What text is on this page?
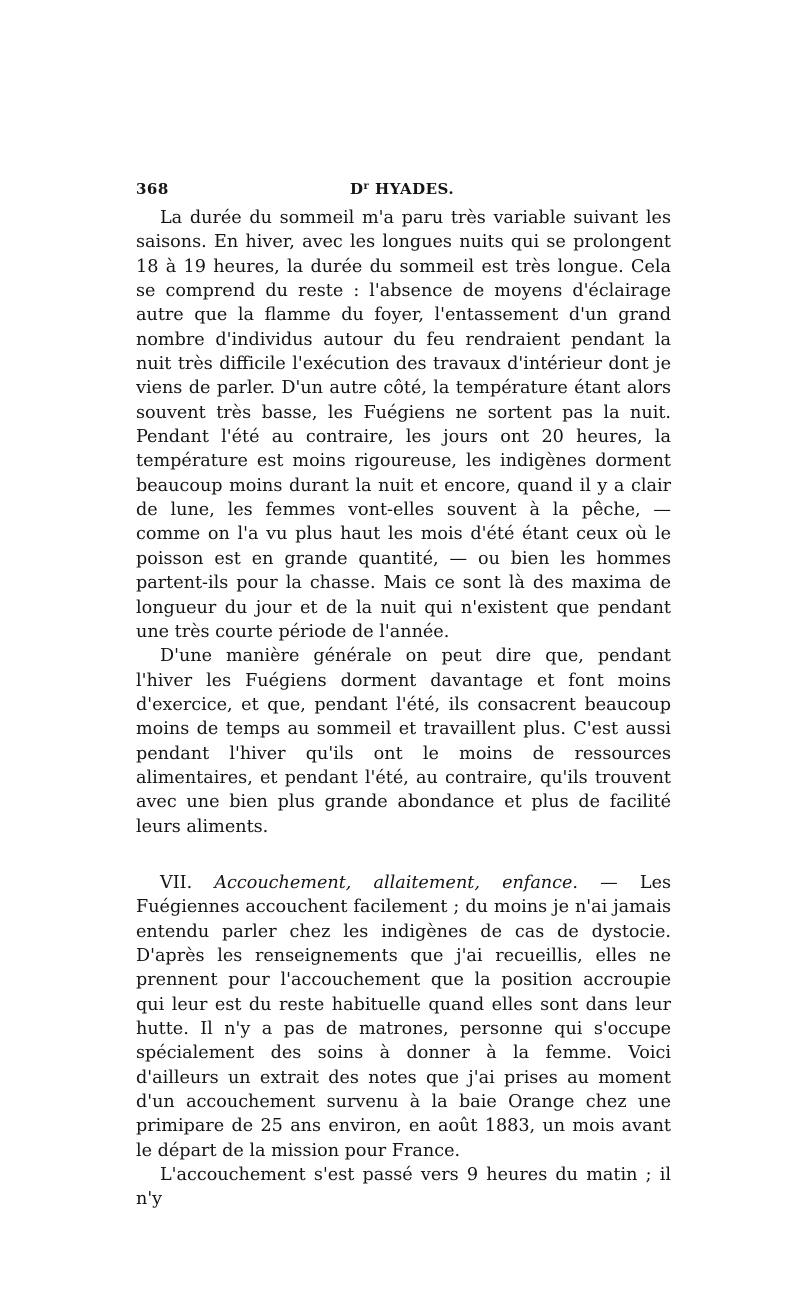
368	$D^r$ HYADES.

La durée du sommeil m'a paru très variable suivant les saisons. En hiver, avec les longues nuits qui se prolongent 18 à 19 heures, la durée du sommeil est très longue. Cela se comprend du reste : l'absence de moyens d'éclairage autre que la flamme du foyer, l'entassement d'un grand nombre d'individus autour du feu rendraient pendant la nuit très difficile l'exécution des travaux d'intérieur dont je viens de parler. D'un autre côté, la température étant alors souvent très basse, les Fuégiens ne sortent pas la nuit. Pendant l'été au contraire, les jours ont 20 heures, la température est moins rigoureuse, les indigènes dorment beaucoup moins durant la nuit et encore, quand il y a clair de lune, les femmes vont-elles souvent à la pêche, — comme on l'a vu plus haut les mois d'été étant ceux où le poisson est en grande quantité, — ou bien les hommes partent-ils pour la chasse. Mais ce sont là des maxima de longueur du jour et de la nuit qui n'existent que pendant une très courte période de l'année.

D'une manière générale on peut dire que, pendant l'hiver les Fuégiens dorment davantage et font moins d'exercice, et que, pendant l'été, ils consacrent beaucoup moins de temps au sommeil et travaillent plus. C'est aussi pendant l'hiver qu'ils ont le moins de ressources alimentaires, et pendant l'été, au contraire, qu'ils trouvent avec une bien plus grande abondance et plus de facilité leurs aliments.

VII. Accouchement, allaitement, enfance. — Les Fuégiennes accouchent facilement ; du moins je n'ai jamais entendu parler chez les indigènes de cas de dystocie. D'après les renseignements que j'ai recueillis, elles ne prennent pour l'accouchement que la position accroupie qui leur est du reste habituelle quand elles sont dans leur hutte. Il n'y a pas de matrones, personne qui s'occupe spécialement des soins à donner à la femme. Voici d'ailleurs un extrait des notes que j'ai prises au moment d'un accouchement survenu à la baie Orange chez une primipare de 25 ans environ, en août 1883, un mois avant le départ de la mission pour France.

L'accouchement s'est passé vers 9 heures du matin ; il n'y
